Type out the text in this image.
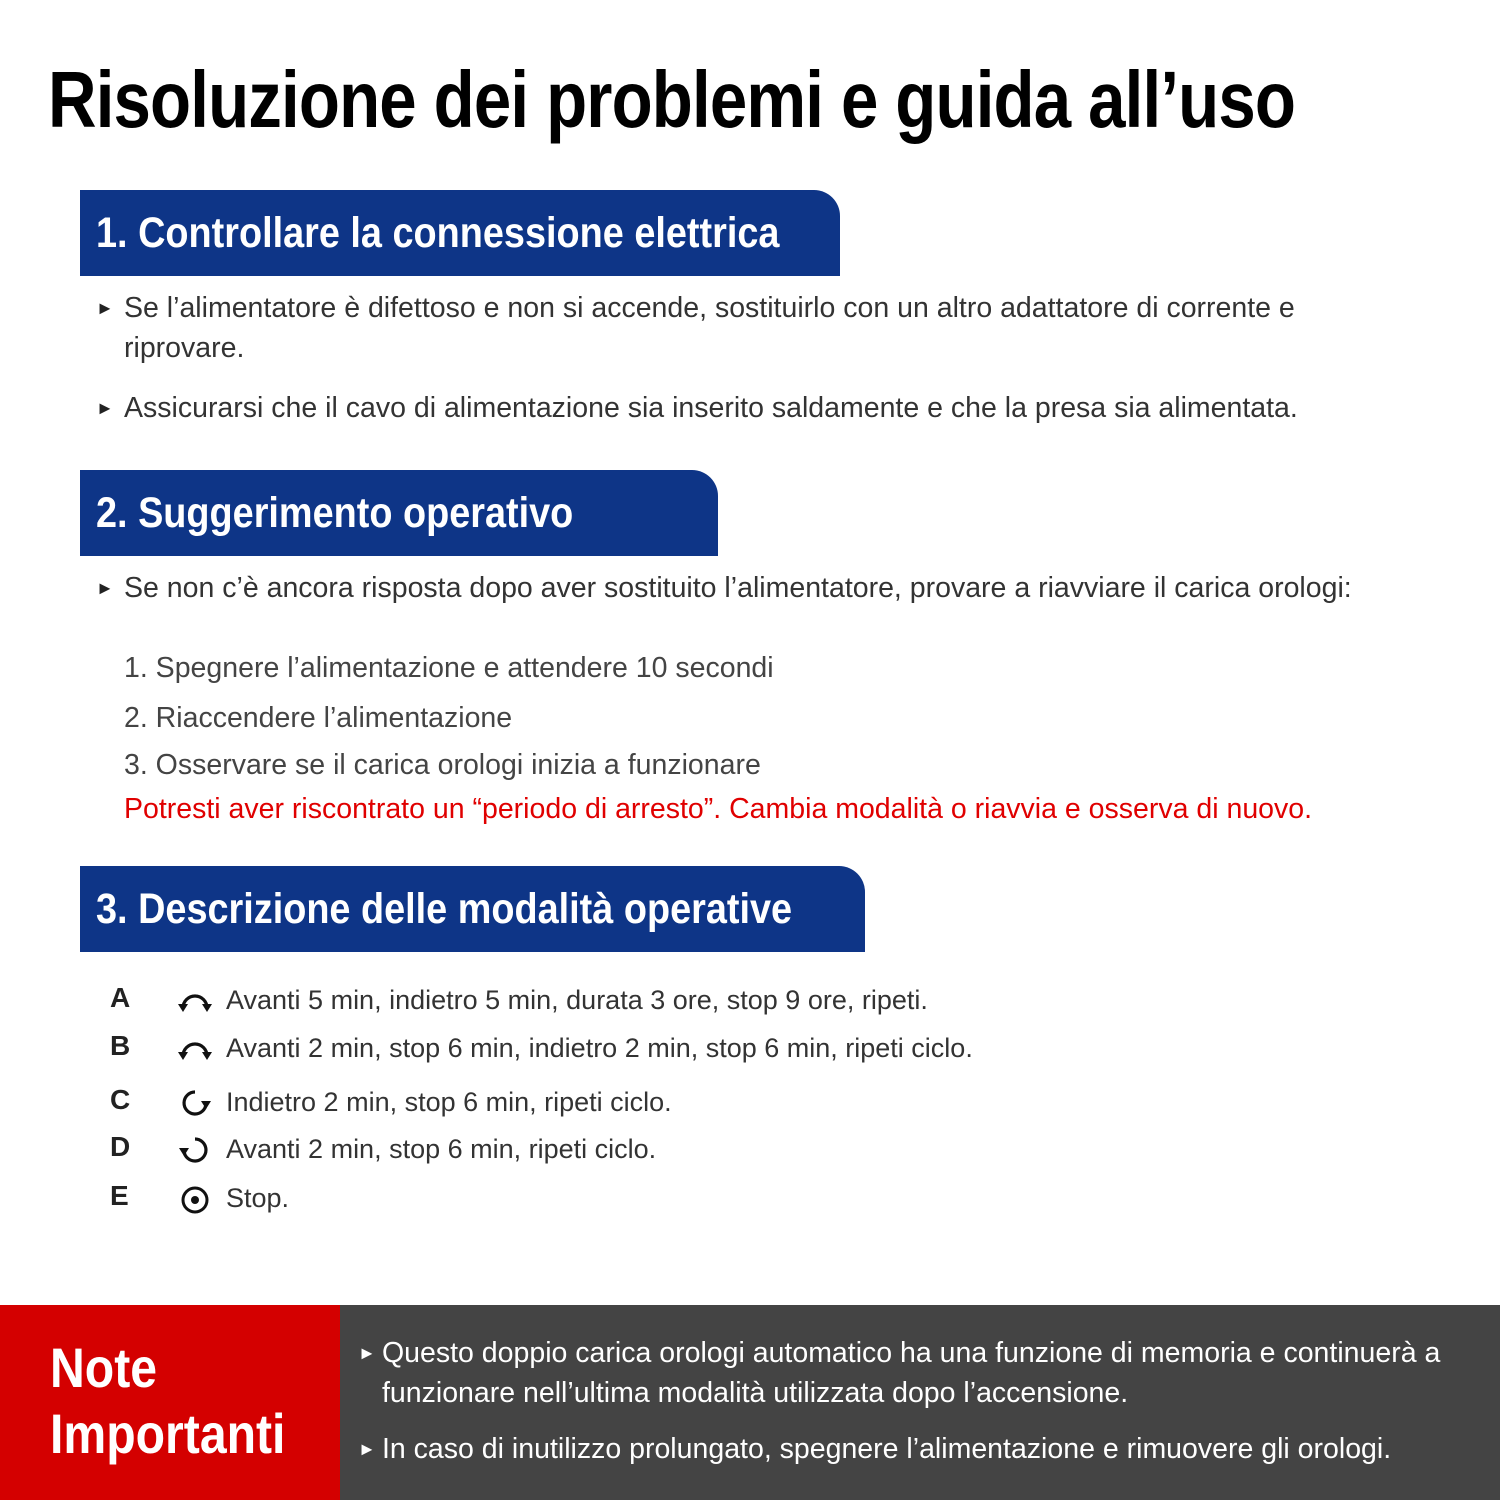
Risoluzione dei problemi e guida all’uso
1. Controllare la connessione elettrica
► Se l’alimentatore è difettoso e non si accende, sostituirlo con un altro adattatore di corrente e riprovare.
► Assicurarsi che il cavo di alimentazione sia inserito saldamente e che la presa sia alimentata.
2. Suggerimento operativo
► Se non c’è ancora risposta dopo aver sostituito l’alimentatore, provare a riavviare il carica orologi:
1. Spegnere l’alimentazione e attendere 10 secondi
2. Riaccendere l’alimentazione
3. Osservare se il carica orologi inizia a funzionare
Potresti aver riscontrato un “periodo di arresto”. Cambia modalità o riavvia e osserva di nuovo.
3. Descrizione delle modalità operative
A	Avanti 5 min, indietro 5 min, durata 3 ore, stop 9 ore, ripeti.
B	Avanti 2 min, stop 6 min, indietro 2 min, stop 6 min, ripeti ciclo.
C	Indietro 2 min, stop 6 min, ripeti ciclo.
D	Avanti 2 min, stop 6 min, ripeti ciclo.
E	Stop.
Note
Importanti
► Questo doppio carica orologi automatico ha una funzione di memoria e continuerà a funzionare nell’ultima modalità utilizzata dopo l’accensione.
► In caso di inutilizzo prolungato, spegnere l’alimentazione e rimuovere gli orologi.
